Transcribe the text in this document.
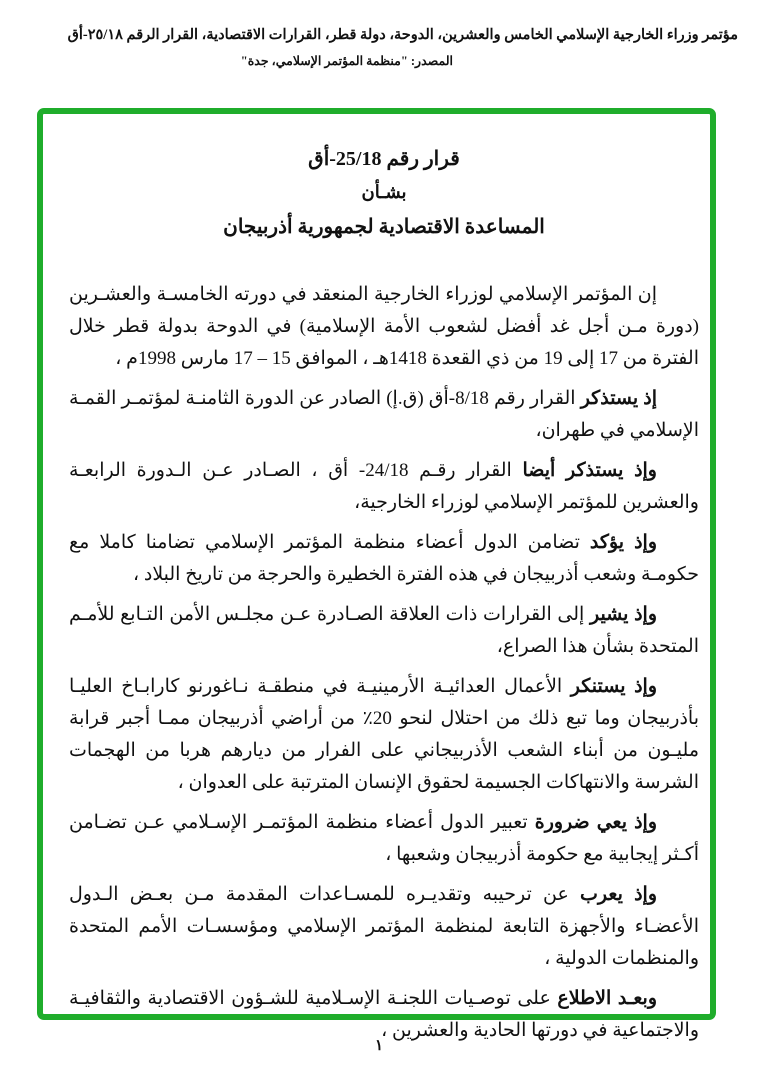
مؤتمر وزراء الخارجية الإسلامي الخامس والعشرين، الدوحة، دولة قطر، القرارات الاقتصادية، القرار الرقم ٢٥/١٨-أق
المصدر: "منظمة المؤتمر الإسلامي، جدة"
قرار رقم 25/18-أق
بشـأن
المساعدة الاقتصادية لجمهورية أذربيجان

إن المؤتمر الإسلامي لوزراء الخارجية المنعقد في دورته الخامسـة والعشـرين (دورة مـن أجل غد أفضل لشعوب الأمة الإسلامية) في الدوحة بدولة قطر خلال الفترة من 17 إلى 19 من ذي القعدة 1418هـ ، الموافق 15 – 17 مارس 1998م ،

إذ يستذكر القرار رقم 8/18-أق (ق.إ) الصادر عن الدورة الثامنـة لمؤتمـر القمـة الإسلامي في طهران،

وإذ يستذكر أيضا القرار رقـم 24/18- أق ، الصـادر عـن الـدورة الرابعـة والعشرين للمؤتمر الإسلامي لوزراء الخارجية،

وإذ يؤكد تضامن الدول أعضاء منظمة المؤتمر الإسلامي تضامنا كاملا مع حكومـة وشعب أذربيجان في هذه الفترة الخطيرة والحرجة من تاريخ البلاد ،

وإذ يشير إلى القرارات ذات العلاقة الصـادرة عـن مجلـس الأمن التـابع للأمـم المتحدة بشأن هذا الصراع،

وإذ يستنكر الأعمال العدائيـة الأرمينيـة في منطقـة نـاغورنو كارابـاخ العليـا بأذربيجان وما تبع ذلك من احتلال لنحو 20٪ من أراضي أذربيجان ممـا أجبر قرابة مليـون من أبناء الشعب الأذربيجاني على الفرار من ديارهم هربا من الهجمات الشرسة والانتهاكات الجسيمة لحقوق الإنسان المترتبة على العدوان ،

وإذ يعي ضرورة تعبير الدول أعضاء منظمة المؤتمـر الإسـلامي عـن تضـامن أكـثر إيجابية مع حكومة أذربيجان وشعبها ،

وإذ يعرب عن ترحيبه وتقديـره للمسـاعدات المقدمة مـن بعـض الـدول الأعضـاء والأجهزة التابعة لمنظمة المؤتمر الإسلامي ومؤسسـات الأمم المتحدة والمنظمات الدولية ،

وبعـد الاطلاع على توصـيات اللجنـة الإسـلامية للشـؤون الاقتصادية والثقافيـة والاجتماعية في دورتها الحادية والعشرين ،

١
